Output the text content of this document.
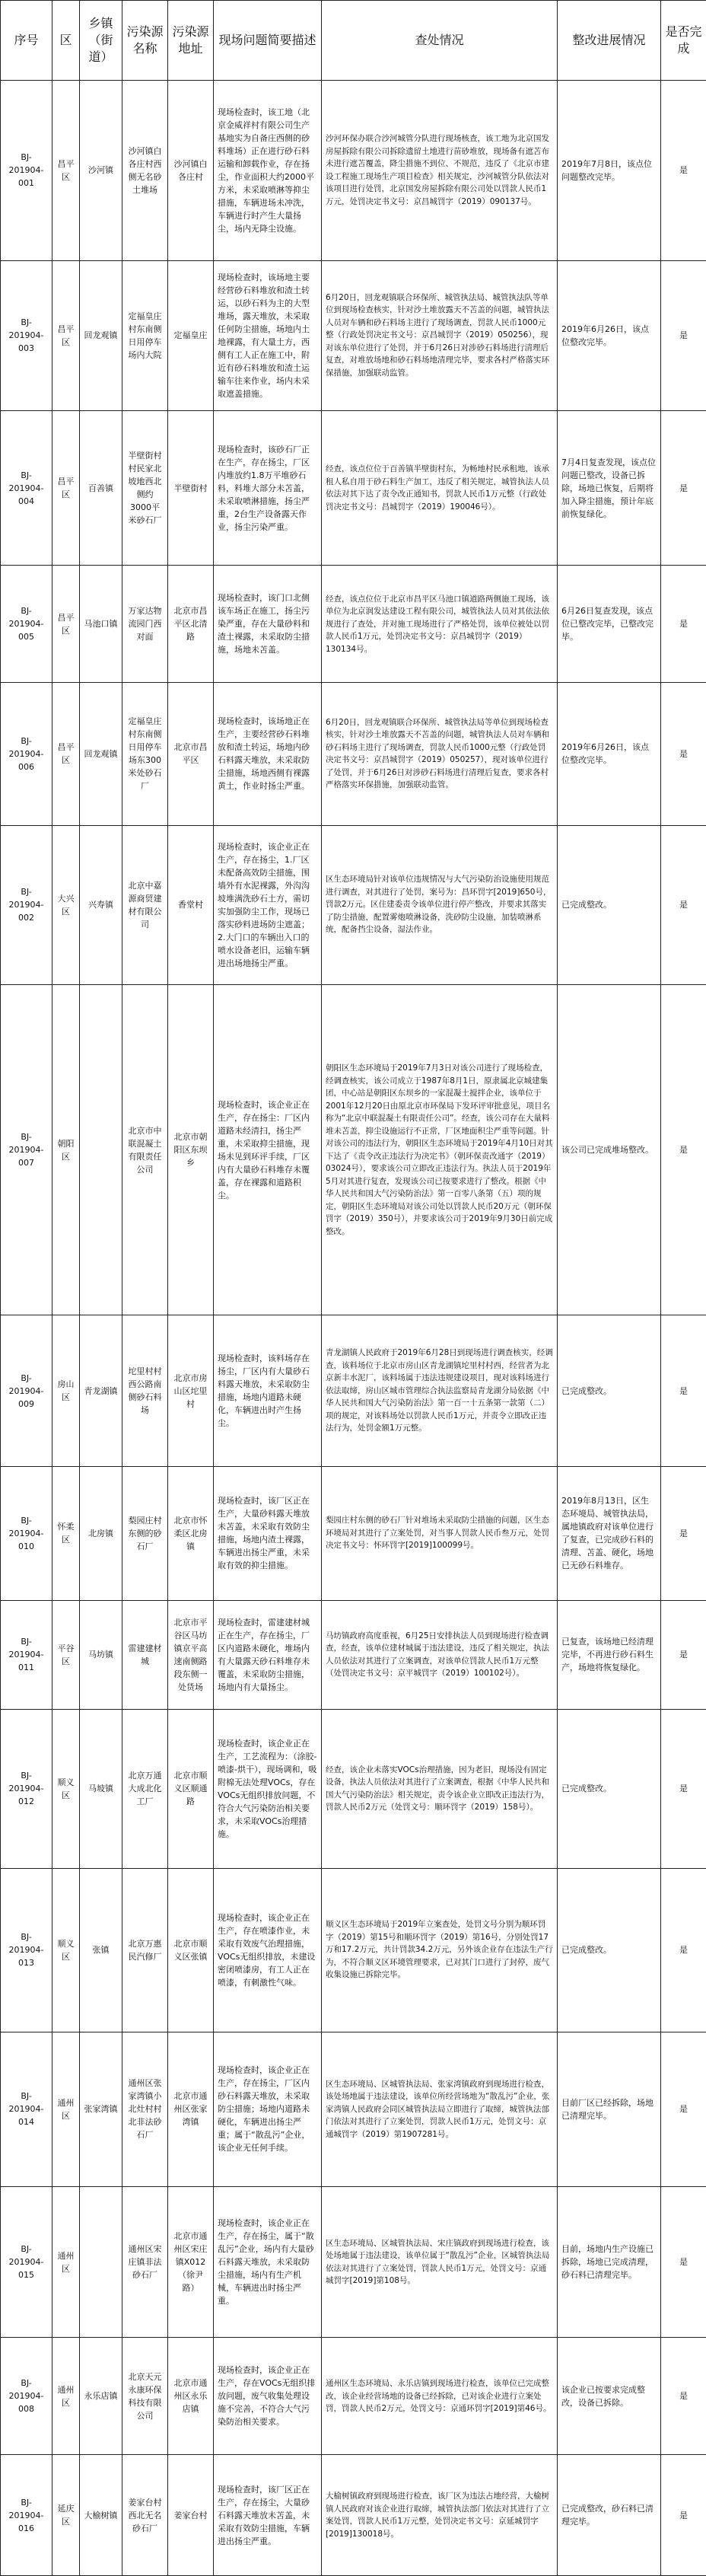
序号	区	乡镇（街道）	污染源名称	污染源地址	现场问题简要描述	查处情况	整改进展情况	是否完成
BJ-201904-001	昌平区	沙河镇	沙河镇白各庄村西侧无名砂土堆场	沙河镇白各庄村	现场检查时，该工地（北京金威祥村有限公司生产基地实为自备庄西侧的砂料堆场）正在进行砂石料运输和卸载作业，存在扬尘，作业面积大约2000平方米，未采取喷淋等抑尘措施，车辆进场未冲洗，车辆进行时产生大量扬尘，场内无降尘设施。	沙河环保办联合沙河城管分队进行现场核查，该工地为北京国发房屋拆除有限公司拆除遗留土地进行苗砂堆放，现场备有遮苫布未进行遮苫覆盖，降尘措施不到位、不规范，违反了《北京市建设工程施工现场生产项目检查》相关规定，沙河城管分队依法对该项目进行处罚，北京国发房屋拆除有限公司处以罚款人民币1万元，处罚决定书文号：京昌城罚字（2019）090137号。	2019年7月8日，该点位问题整改完毕。	是
BJ-201904-003	昌平区	回龙观镇	定福皇庄村东南侧日用停车场内大院	定福皇庄	现场检查时，该场地主要经营砂石料堆放和渣土转运，以砂石料为主的大型堆场，露天堆放，未采取任何防尘措施，场地内土地裸露，有大量土方，西侧有工人正在施工中，附近有砂石料堆放和渣土运输车往来作业，场内未采取遮盖措施。	6月20日，回龙观镇联合环保所、城管执法局、城管执法队等单位到现场检查核实，针对沙土堆放露天不苫盖的问题，城管执法人员对车辆和砂石料场主进行了现场调查，罚款人民币1000元整（行政处罚决定书文号：京昌城罚字（2019）050256），现对该东单位进行了处罚，并于6月26日对涉砂石料场进行清理后复查，对堆放场地和砂石料场地清理完毕，要求各村严格落实环保措施，加强联动监管。	2019年6月26日，该点位整改完毕。	是
BJ-201904-004	昌平区	百善镇	半壁街村村民家北坡地西北侧约3000平米砂石厂	半壁街村	现场检查时，该砂石厂正在生产，存在扬尘，厂区内堆放约1.8万平堆砂石料，料堆大部分未苫盖，未采取喷淋措施，扬尘严重，2台生产设备露天作业，扬尘污染严重。	经查，该点位位于百善镇半壁街村东，为畅地村民承租地，该承租人私自用于砂石料生产加工，违反了相关规定，城管执法人员依法对其下达了责令改正通知书，罚款人民币1万元整（行政处罚决定书文号：昌城罚字（2019）190046号）。	7月4日复查发现，该点位问题已整改，设备已拆除，场地已恢复，后期将加入降尘措施，预计年底前恢复绿化。	是
BJ-201904-005	昌平区	马池口镇	万家达物流园门西对面	北京市昌平区北清路	现场检查时，该门口北侧该车场正在施工，扬尘污染严重，存在大量砂料和渣土裸露，未采取防尘措施，场地未苫盖。	经查，该点位位于北京市昌平区马池口镇道路两侧施工现场，该单位为北京润发达建设工程有限公司，城管执法人员对其依法依规进行了查处，并对施工现场进行了严格处罚，该单位被处以罚款人民币1万元，处罚决定书文号：京昌城罚字（2019）130134号。	6月26日复查发现，该点位已整改完毕，已整改完毕。	是
BJ-201904-006	昌平区	回龙观镇	定福皇庄村东南侧日用停车场东300米处砂石厂	北京市昌平区	现场检查时，该场地正在生产，主要经营砂石料堆放和渣土转运，场地内砂石料露天堆放，未采取防尘措施，场地西侧有裸露黄土，作业时扬尘严重。	6月20日，回龙观镇联合环保所、城管执法局等单位到现场检查核实，针对沙土堆放露天不苫盖的问题，城管执法人员对车辆和砂石料场主进行了现场调查，罚款人民币1000元整（行政处罚决定书文号：京昌城罚字（2019）050257），现对该单位进行了处罚，并于6月26日对涉砂石料场进行清理后复查，要求各村严格落实环保措施，加强联动监管。	2019年6月26日，该点位整改完毕。	是
BJ-201904-002	大兴区	兴寿镇	北京中嘉源商贸建材有限公司	香堂村	现场检查时，该企业正在生产，存在扬尘，1.厂区未配备高效防尘措施，围墙外有水泥裸露，外沟沟坡堆满洗砂石土方，需切实加强防尘工作，现场已落实砂料进场防尘遮盖；2.大门口的车辆出入口的喷水设备老旧，运输车辆进出场地扬尘严重。	区生态环境局针对该单位违规情况与大气污染防治设施使用规范进行调查，对其进行了处罚，案号为：昌环罚字[2019]650号，罚款2万元。区住建委责令该单位进行停产整改，并要求其落实了防尘措施，配置雾炮喷淋设备，洗砂防尘设施，加装喷淋系统，配备挡尘设备，湿法作业。	已完成整改。	是
BJ-201904-007	朝阳区		北京市中联混凝土有限责任公司	北京市朝阳区东坝乡	现场检查时，该企业正在生产，存在扬尘：厂区内道路未经清扫，扬尘严重，未采取抑尘措施，现场未见到环评手续，厂区内有大量砂石料堆存未覆盖，存在裸露和道路积尘。	朝阳区生态环境局于2019年7月3日对该公司进行了现场检查，经调查核实，该公司成立于1987年8月1日，原隶属北京城建集团，中心站是朝阳区东坝乡的一家混凝土搅拌企业，该单位于2001年12月20日由原北京市环保局下发环评审批意见，项目名称为“北京中联混凝土有限责任公司”。经查，该公司存在大量料堆未苫盖，抑尘设施运行不正常，厂区地面积尘严重等问题。针对该公司的违法行为，朝阳区生态环境局于2019年4月10日对其下达了《责令改正违法行为决定书》（朝环保责改通字（2019）03024号），要求该公司立即改正违法行为。执法人员于2019年5月对其进行复查，发现该公司已按要求进行了整改。根据《中华人民共和国大气污染防治法》第一百零八条第（五）项的规定，朝阳区生态环境局对该公司处以罚款人民币20万元（朝环保罚字（2019）350号），并要求该公司于2019年9月30日前完成整改。	该公司已完成堆场整改。	是
BJ-201904-009	房山区	青龙湖镇	坨里村村西公路南侧砂石料场	北京市房山区坨里村	现场检查时，该料场存在扬尘，厂区内有大量砂石料露天堆放，未采取防尘措施，场地内道路未硬化，车辆进出时产生扬尘。	青龙湖镇人民政府于2019年6月28日到现场进行调查核实，经调查，该料场位于北京市房山区青龙湖镇坨里村村西，经营者为北京新丰水泥厂，该料场属于违法违规建设项目，现对该料场进行依法取缔，房山区城市管理综合执法监察局青龙湖分局依据《中华人民共和国大气污染防治法》第一百一十五条第一款第（二）项的规定，对该料场处以罚款人民币1万元，并责令立即改正违法行为，处罚金额1万元整。	已完成整改。	是
BJ-201904-010	怀柔区	北房镇	梨园庄村东侧的砂石厂	北京市怀柔区北房镇	现场检查时，该厂区正在生产，大量砂料露天堆放未苫盖，未采取有效防尘措施，场地内渣土裸露，车辆进出扬尘严重，未采取有效的抑尘措施。	梨园庄村东侧的砂石厂针对堆场未采取防尘措施的问题，区生态环境局对其进行了立案处罚，对当事人罚款人民币叁万元，处罚决定书文号：怀环罚字[2019]100099号。	2019年8月13日，区生态环境局、城管执法局，属地镇政府对该单位进行了复查，已完成砂石料的清理、苫盖、硬化，场地已无砂石料堆存。	是
BJ-201904-011	平谷区	马坊镇	雷建建材城	北京市平谷区马坊镇京平高速南侧路段东侧一处货场	现场检查时，雷建建材城正在生产，存在扬尘，厂区内道路未硬化，堆场内有大量露天砂石料堆存未覆盖，未采取防尘措施，场地内有大量扬尘。	马坊镇政府高度重视，6月25日安排执法人员到现场进行检查调查，经查，该单位建材城属于违法建设，违反了相关规定，执法人员依法对其进行了立案调查，对该单位罚款人民币1万元整（处罚决定书文号：京平城罚字（2019）100102号）。	已复查，该场地已经清理完毕，不再进行砂石料生产，场地将恢复绿化。	是
BJ-201904-012	顺义区	马坡镇	北京万通大成北化工厂	北京市顺义区顺通路	现场检查时，该企业正在生产，工艺流程为：（涂胶-喷漆-烘干），现场调和，吸附棉无法处理VOCs，存在VOCs无组织排放问题，不符合大气污染防治相关要求，未采取VOCs治理措施。	经查，该企业未落实VOCs治理措施，因为老旧，现场没有固定设备，执法人员依法对其进行了立案调查，根据《中华人民共和国大气污染防治法》相关规定，责令该企业立即改正违法行为，罚款人民币2万元（处罚文号：顺环罚字（2019）158号）。	已完成整改。	是
BJ-201904-013	顺义区	张镇	北京万惠民汽修厂	北京市顺义区张镇	现场检查时，该企业正在生产，存在喷漆作业，未采取有效废气治理措施，VOCs无组织排放，未建设密闭喷漆房，有工人正在喷漆，有刺激性气味。	顺义区生态环境局于2019年立案查处，处罚文号分别为顺环罚字（2019）第15号和顺环罚字（2019）第16号，分别处罚17万和17.2万元，共计罚款34.2万元，另外该企业存在违法生产行为，不符合顺义区环境管理要求，已对其门口进行了封停，废气收集设施已拆除完毕。	已完成整改。	是
BJ-201904-014	通州区	张家湾镇	通州区张家湾镇小北灶村村北非法砂石厂	北京市通州区张家湾镇	现场检查时，该企业正在生产，存在扬尘，厂区内砂石料露天堆放，未采取防尘措施；场地内道路未硬化，车辆进出扬尘严重；属于“散乱污”企业，该企业无任何手续。	区生态环境局、区城管执法局、张家湾镇政府到现场进行检查，该处场地属于违法建设，该单位所经营场地为“散乱污”企业，张家湾镇人民政府会同区城管执法局立即进行了取缔，城管执法部门依法对其进行了立案处罚，罚款人民币1万元，处罚文号：京通城罚字（2019）第1907281号。	目前厂区已经拆除，场地已清理完毕。	是
BJ-201904-015	通州区		通州区宋庄镇非法砂石厂	北京市通州区宋庄镇X012（徐尹路）	现场检查时，该企业正在生产，存在扬尘，属于“散乱污”企业，场内有大量砂石料露天堆放，未采取防尘措施，场内有生产机械，车辆进出时扬尘严重。	区生态环境局、区城管执法局、宋庄镇政府到现场进行检查，该处场地属于违法建设，该单位属于“散乱污”企业，区城管执法局依法对其进行了立案处罚，罚款人民币1万元，处罚文号：京通城罚字[2019]第108号。	目前，场地内生产设施已拆除，场地已完成清理，砂石料已清理完毕。	是
BJ-201904-008	通州区	永乐店镇	北京天元永康环保科技有限公司	北京市通州区永乐店镇	现场检查时，该企业正在生产，存在VOCs无组织排放问题，废气收集处理设施不完善，不符合大气污染防治相关要求。	通州区生态环境局、永乐店镇到现场进行检查，该单位已完成整改，该企业经营场地的设备已经拆除，已对该企业进行立案处罚，罚款人民币2万元，处罚文号：京通环罚字[2019]第46号。	该企业已按要求完成整改，设备已拆除。	是
BJ-201904-016	延庆区	大榆树镇	姜家台村西北无名砂石厂	姜家台村	现场检查时，该厂区正在生产，存在扬尘，大量砂石料露天堆放未苫盖，未采取有效防尘措施，车辆进出扬尘严重。	大榆树镇政府到现场进行检查，该厂区为违法占地经营，大榆树镇人民政府对该企业进行取缔，城管执法部门依法对其进行了立案处罚，罚款人民币1万元整，处罚决定书文号：京延城罚字[2019]130018号。	已完成整改，砂石料已清理完毕。	是
